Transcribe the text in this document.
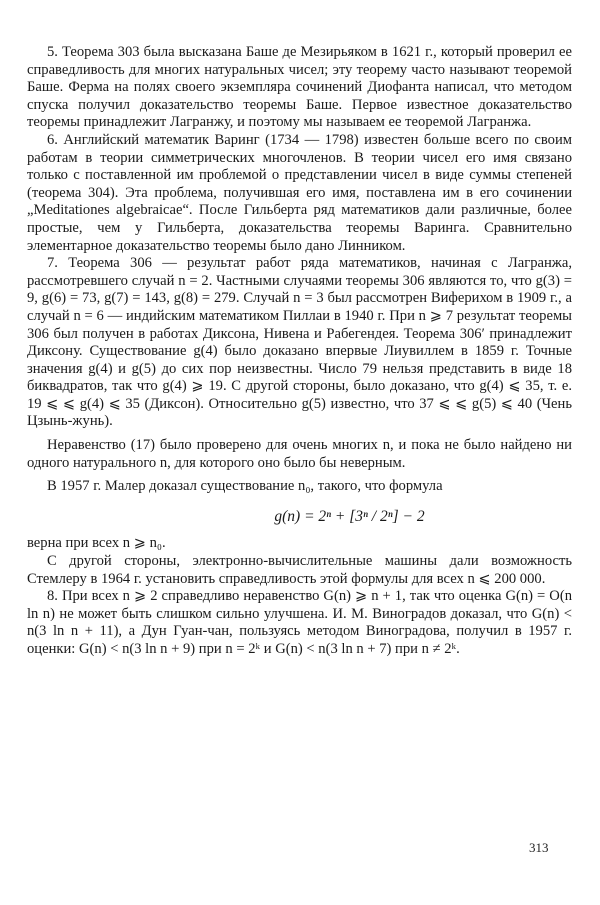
5. Теорема 303 была высказана Баше де Мезирьяком в 1621 г., который проверил ее справедливость для многих натуральных чисел; эту теорему часто называют теоремой Баше. Ферма на полях своего экземпляра сочинений Диофанта написал, что методом спуска получил доказательство теоремы Баше. Первое известное доказательство теоремы принадлежит Лагранжу, и поэтому мы называем ее теоремой Лагранжа.

6. Английский математик Варинг (1734 — 1798) известен больше всего по своим работам в теории симметрических многочленов. В теории чисел его имя связано только с поставленной им проблемой о представлении чисел в виде суммы степеней (теорема 304). Эта проблема, получившая его имя, поставлена им в его сочинении „Meditationes algebraicae“. После Гильберта ряд математиков дали различные, более простые, чем у Гильберта, доказательства теоремы Варинга. Сравнительно элементарное доказательство теоремы было дано Линником.

7. Теорема 306 — результат работ ряда математиков, начиная с Лагранжа, рассмотревшего случай n = 2. Частными случаями теоремы 306 являются то, что g(3) = 9, g(6) = 73, g(7) = 143, g(8) = 279. Случай n = 3 был рассмотрен Виферихом в 1909 г., а случай n = 6 — индийским математиком Пиллаи в 1940 г. При n ⩾ 7 результат теоремы 306 был получен в работах Диксона, Нивена и Рабегендея. Теорема 306′ принадлежит Диксону. Существование g(4) было доказано впервые Лиувиллем в 1859 г. Точные значения g(4) и g(5) до сих пор неизвестны. Число 79 нельзя представить в виде 18 биквадратов, так что g(4) ⩾ 19. С другой стороны, было доказано, что g(4) ⩽ 35, т. е. 19 ⩽ ⩽ g(4) ⩽ 35 (Диксон). Относительно g(5) известно, что 37 ⩽ ⩽ g(5) ⩽ 40 (Чень Цзынь-жунь).

Неравенство (17) было проверено для очень многих n, и пока не было найдено ни одного натурального n, для которого оно было бы неверным.

В 1957 г. Малер доказал существование n₀, такого, что формула

g(n) = 2ⁿ + [3ⁿ / 2ⁿ] − 2

верна при всех n ⩾ n₀.

С другой стороны, электронно-вычислительные машины дали возможность Стемлеру в 1964 г. установить справедливость этой формулы для всех n ⩽ 200 000.

8. При всех n ⩾ 2 справедливо неравенство G(n) ⩾ n + 1, так что оценка G(n) = O(n ln n) не может быть слишком сильно улучшена. И. М. Виноградов доказал, что G(n) < n(3 ln n + 11), а Дун Гуан-чан, пользуясь методом Виноградова, получил в 1957 г. оценки: G(n) < n(3 ln n + 9) при n = 2ᵏ и G(n) < n(3 ln n + 7) при n ≠ 2ᵏ.

313
